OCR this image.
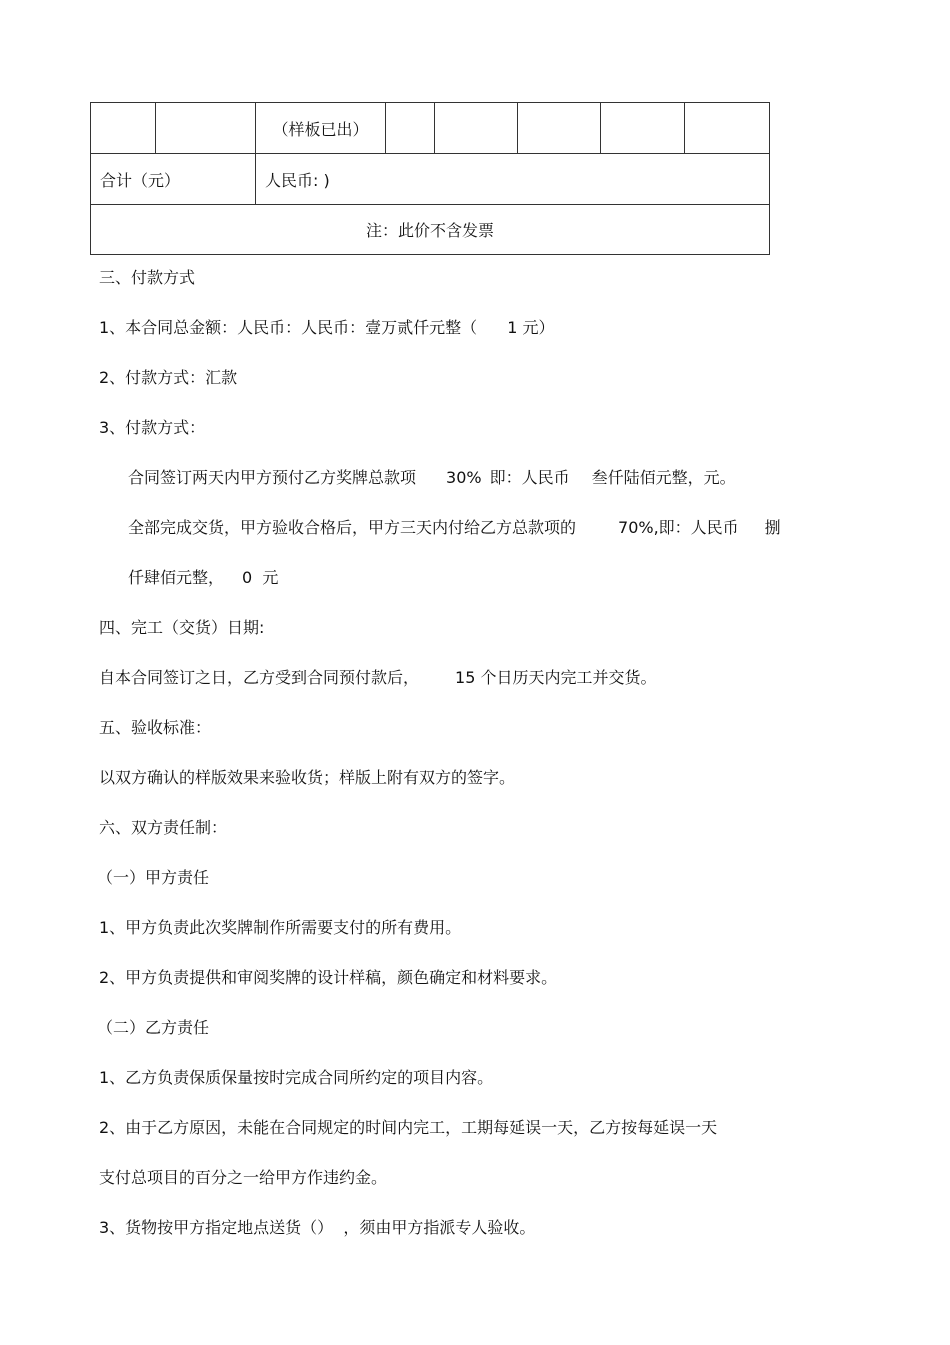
（样板已出）
合计（元）	人民币: )
注：此价不含发票
三、付款方式
1、本合同总金额：人民币：人民币：壹万贰仟元整（ 1 元）
2、付款方式：汇款
3、付款方式：
合同签订两天内甲方预付乙方奖牌总款项 30% 即：人民币 叁仟陆佰元整，元。
全部完成交货，甲方验收合格后，甲方三天内付给乙方总款项的	70%,即：人民币 捌
仟肆佰元整， 0  元
四、完工（交货）日期:
自本合同签订之日，乙方受到合同预付款后， 15 个日历天内完工并交货。
五、验收标准：
以双方确认的样版效果来验收货；样版上附有双方的签字。
六、双方责任制：
（一）甲方责任
1、甲方负责此次奖牌制作所需要支付的所有费用。
2、甲方负责提供和审阅奖牌的设计样稿，颜色确定和材料要求。
（二）乙方责任
1、乙方负责保质保量按时完成合同所约定的项目内容。
2、由于乙方原因，未能在合同规定的时间内完工，工期每延误一天，乙方按每延误一天
支付总项目的百分之一给甲方作违约金。
3、货物按甲方指定地点送货（）  ，须由甲方指派专人验收。
